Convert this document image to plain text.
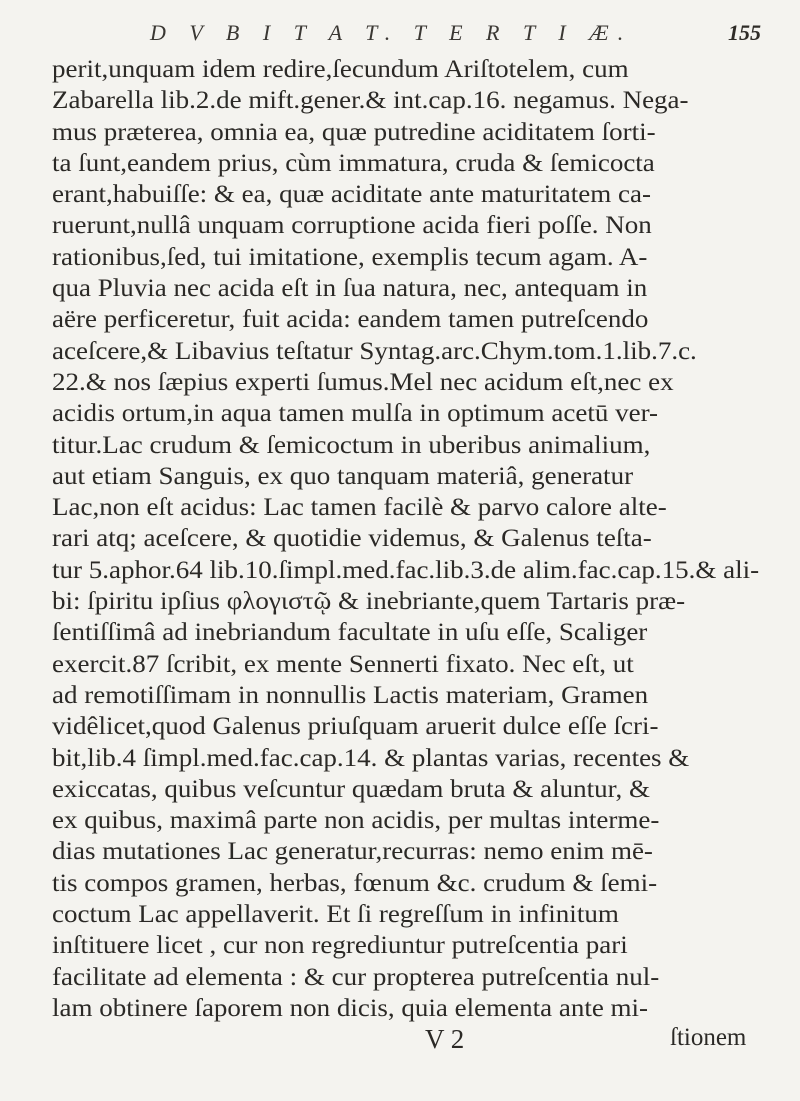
D V B I T A T. T E R T I Æ.	155
perit,unquam idem redire,ſecundum Ariſtotelem, cum
Zabarella lib.2.de mift.gener.& int.cap.16. negamus. Nega-
mus præterea, omnia ea, quæ putredine aciditatem ſorti-
ta ſunt,eandem prius, cùm immatura, cruda & ſemicocta
erant,habuiſſe: & ea, quæ aciditate ante maturitatem ca-
ruerunt,nullâ unquam corruptione acida fieri poſſe. Non
rationibus,ſed, tui imitatione, exemplis tecum agam. A-
qua Pluvia nec acida eſt in ſua natura, nec, antequam in
aëre perficeretur, fuit acida: eandem tamen putreſcendo
aceſcere,& Libavius teſtatur Syntag.arc.Chym.tom.1.lib.7.c.
22.& nos ſæpius experti ſumus.Mel nec acidum eſt,nec ex
acidis ortum,in aqua tamen mulſa in optimum acetū ver-
titur.Lac crudum & ſemicoctum in uberibus animalium,
aut etiam Sanguis, ex quo tanquam materiâ, generatur
Lac,non eſt acidus: Lac tamen facilè & parvo calore alte-
rari atq; aceſcere, & quotidie videmus, & Galenus teſta-
tur 5.aphor.64 lib.10.ſimpl.med.fac.lib.3.de alim.fac.cap.15.& ali-
bi: ſpiritu ipſius φλογιστῷ & inebriante,quem Tartaris præ-
ſentiſſimâ ad inebriandum facultate in uſu eſſe, Scaliger
exercit.87 ſcribit, ex mente Sennerti fixato. Nec eſt, ut
ad remotiſſimam in nonnullis Lactis materiam, Gramen
vidêlicet,quod Galenus priuſquam aruerit dulce eſſe ſcri-
bit,lib.4 ſimpl.med.fac.cap.14. & plantas varias, recentes &
exiccatas, quibus veſcuntur quædam bruta & aluntur, &
ex quibus, maximâ parte non acidis, per multas interme-
dias mutationes Lac generatur,recurras: nemo enim mē-
tis compos gramen, herbas, fœnum &c. crudum & ſemi-
coctum Lac appellaverit. Et ſi regreſſum in infinitum
inſtituere licet , cur non regrediuntur putreſcentia pari
facilitate ad elementa : & cur propterea putreſcentia nul-
lam obtinere ſaporem non dicis, quia elementa ante mi-
V 2	ſtionem
